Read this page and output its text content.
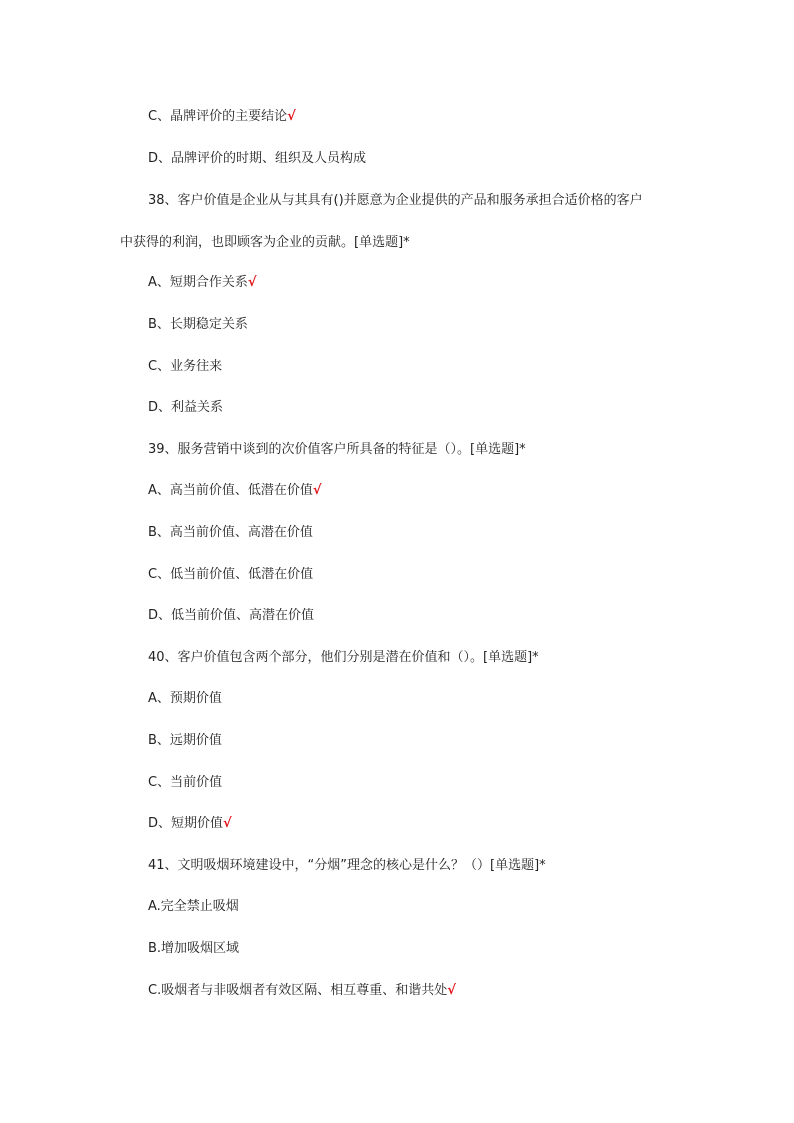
C、晶牌评价的主要结论√
D、品牌评价的时期、组织及人员构成
38、客户价值是企业从与其具有()并愿意为企业提供的产品和服务承担合适价格的客户
中获得的利润，也即顾客为企业的贡献。[单选题]*
A、短期合作关系√
B、长期稳定关系
C、业务往来
D、利益关系
39、服务营销中谈到的次价值客户所具备的特征是（）。[单选题]*
A、高当前价值、低潜在价值√
B、高当前价值、高潜在价值
C、低当前价值、低潜在价值
D、低当前价值、高潜在价值
40、客户价值包含两个部分，他们分别是潜在价值和（）。[单选题]*
A、预期价值
B、远期价值
C、当前价值
D、短期价值√
41、文明吸烟环境建设中，“分烟”理念的核心是什么？（）[单选题]*
A.完全禁止吸烟
B.增加吸烟区域
C.吸烟者与非吸烟者有效区隔、相互尊重、和谐共处√
